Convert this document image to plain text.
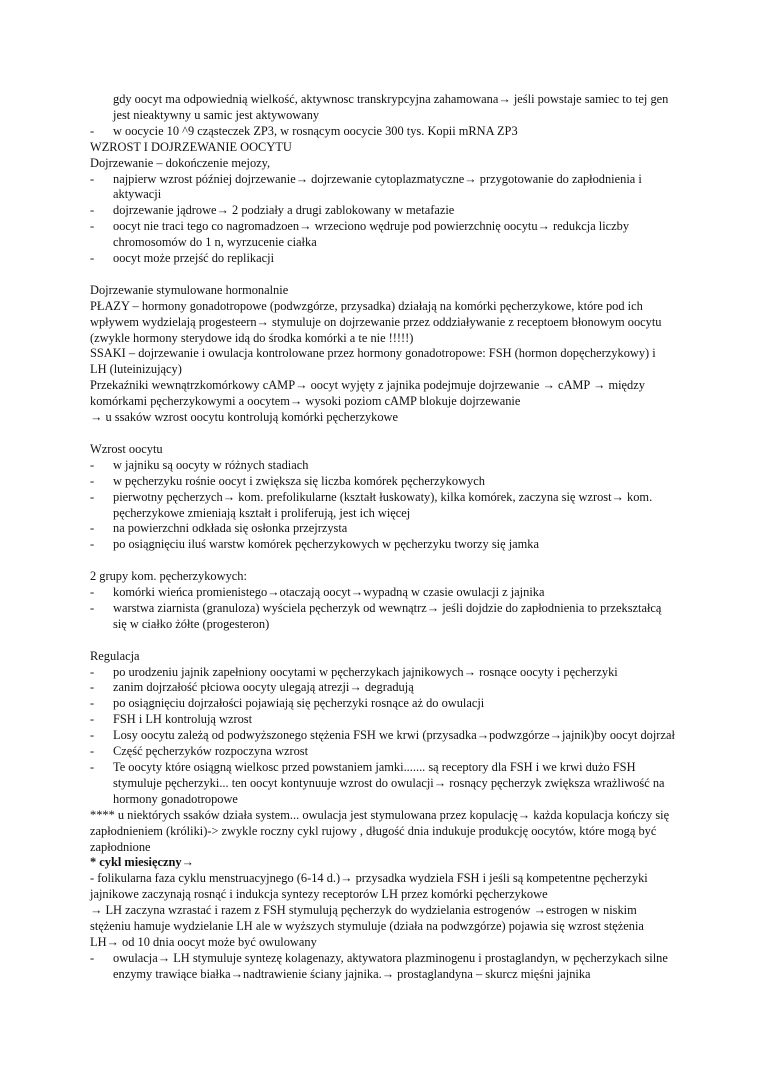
gdy oocyt ma odpowiednią wielkość, aktywnosc transkrypcyjna zahamowana→ jeśli powstaje samiec to tej gen jest nieaktywny u samic jest aktywowany

- w oocycie 10 ^9 cząsteczek ZP3, w rosnącym oocycie 300 tys. Kopii mRNA ZP3

WZROST I DOJRZEWANIE OOCYTU

Dojrzewanie – dokończenie mejozy,

- najpierw wzrost później dojrzewanie→ dojrzewanie cytoplazmatyczne→ przygotowanie do zapłodnienia i aktywacji
- dojrzewanie jądrowe→ 2 podziały a drugi zablokowany w metafazie
- oocyt nie traci tego co nagromadzoen→ wrzeciono wędruje pod powierzchnię oocytu→ redukcja liczby chromosomów do 1 n, wyrzucenie ciałka
- oocyt może przejść do replikacji

Dojrzewanie stymulowane hormonalnie

PŁAZY – hormony gonadotropowe (podwzgórze, przysadka) działają na komórki pęcherzykowe, które pod ich wpływem wydzielają progesteern→ stymuluje on dojrzewanie przez oddziaływanie z receptoem błonowym oocytu (zwykle hormony sterydowe idą do środka komórki a te nie !!!!!)

SSAKI – dojrzewanie i owulacja kontrolowane przez hormony gonadotropowe: FSH (hormon dopęcherzykowy) i LH (luteinizujący)

Przekaźniki wewnątrzkomórkowy cAMP→ oocyt wyjęty z jajnika podejmuje dojrzewanie → cAMP → między komórkami pęcherzykowymi a oocytem→ wysoki poziom cAMP blokuje dojrzewanie

→ u ssaków wzrost oocytu kontrolują komórki pęcherzykowe

Wzrost oocytu

- w jajniku są oocyty w różnych stadiach
- w pęcherzyku rośnie oocyt i zwiększa się liczba komórek pęcherzykowych
- pierwotny pęcherzych→ kom. prefolikularne (kształt łuskowaty), kilka komórek, zaczyna się wzrost→ kom. pęcherzykowe zmieniają kształt i proliferują, jest ich więcej
- na powierzchni odkłada się osłonka przejrzysta
- po osiągnięciu iluś warstw komórek pęcherzykowych w pęcherzyku tworzy się jamka

2 grupy kom. pęcherzykowych:

- komórki wieńca promienistego→otaczają oocyt→wypadną w czasie owulacji z jajnika
- warstwa ziarnista (granuloza) wyściela pęcherzyk od wewnątrz→ jeśli dojdzie do zapłodnienia to przekształcą się w ciałko żółte (progesteron)

Regulacja

- po urodzeniu jajnik zapełniony oocytami w pęcherzykach jajnikowych→ rosnące oocyty i pęcherzyki
- zanim dojrzałość płciowa oocyty ulegają atrezji→ degradują
- po osiągnięciu dojrzałości pojawiają się pęcherzyki rosnące aż do owulacji
- FSH i LH kontrolują wzrost
- Losy oocytu zależą od podwyższonego stężenia FSH we krwi (przysadka→podwzgórze→jajnik)by oocyt dojrzał
- Część pęcherzyków rozpoczyna wzrost
- Te oocyty które osiągną wielkosc przed powstaniem jamki....... są receptory dla FSH i we krwi dużo FSH stymuluje pęcherzyki... ten oocyt kontynuuje wzrost do owulacji→ rosnący pęcherzyk zwiększa wrażliwość na hormony gonadotropowe

**** u niektórych ssaków działa system... owulacja jest stymulowana przez kopulację→ każda kopulacja kończy się zapłodnieniem (króliki)-> zwykle roczny cykl rujowy , długość dnia indukuje produkcję oocytów, które mogą być zapłodnione

* cykl miesięczny→

- folikularna faza cyklu menstruacyjnego (6-14 d.)→ przysadka wydziela FSH i jeśli są kompetentne pęcherzyki jajnikowe zaczynają rosnąć i indukcja syntezy receptorów LH przez komórki pęcherzykowe

→ LH zaczyna wzrastać i razem z FSH stymulują pęcherzyk do wydzielania estrogenów →estrogen w niskim stężeniu hamuje wydzielanie LH ale w wyższych stymuluje (działa na podwzgórze) pojawia się wzrost stężenia LH→ od 10 dnia oocyt może być owulowany

- owulacja→ LH stymuluje syntezę kolagenazy, aktywatora plazminogenu i prostaglandyn, w pęcherzykach silne enzymy trawiące białka→nadtrawienie ściany jajnika.→ prostaglandyna – skurcz mięśni jajnika
